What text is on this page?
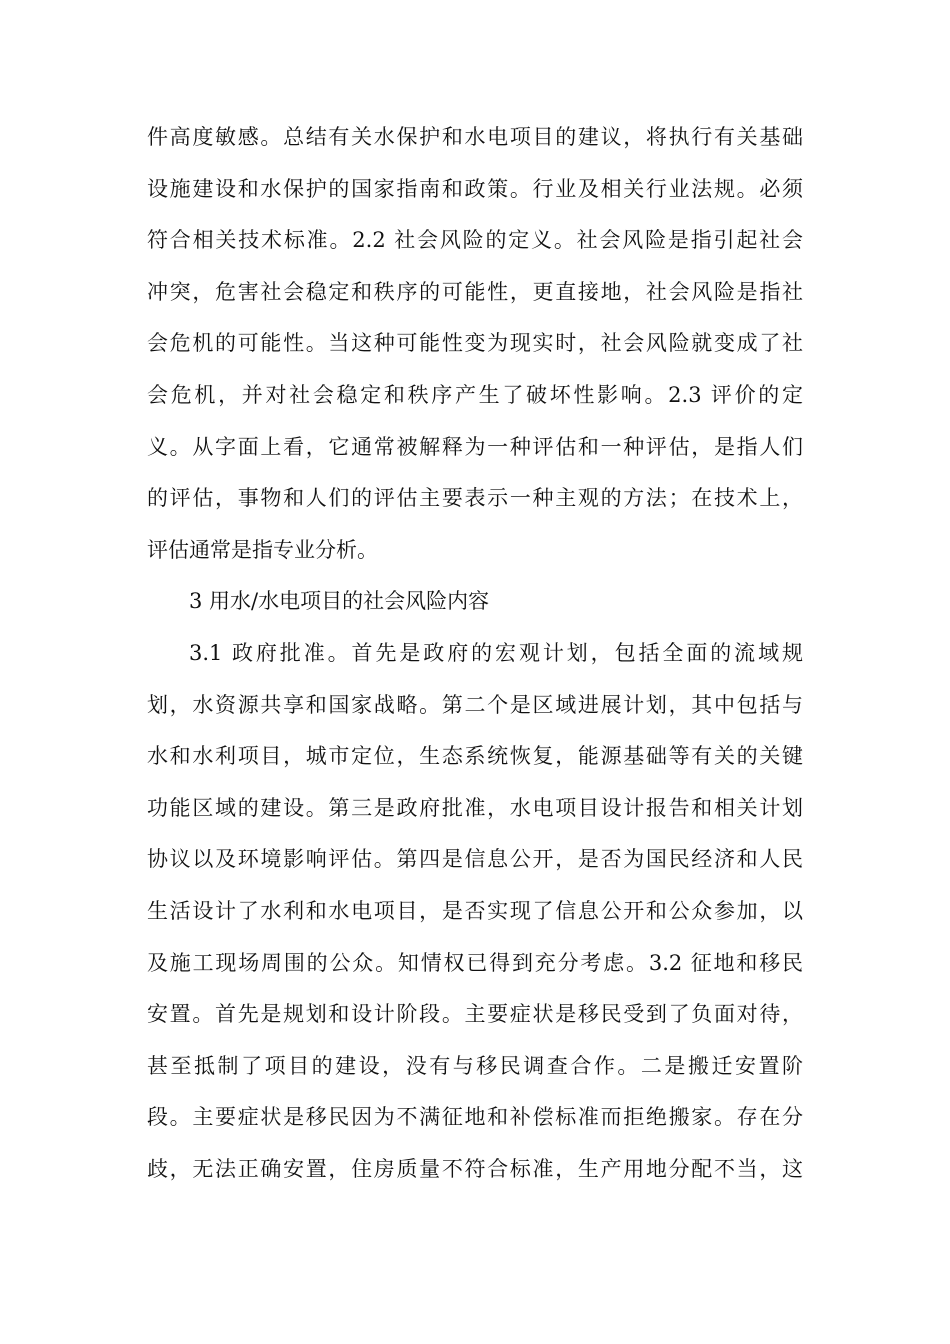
件高度敏感。总结有关水保护和水电项目的建议，将执行有关基础
设施建设和水保护的国家指南和政策。行业及相关行业法规。必须
符合相关技术标准。2.2 社会风险的定义。社会风险是指引起社会
冲突，危害社会稳定和秩序的可能性，更直接地，社会风险是指社
会危机的可能性。当这种可能性变为现实时，社会风险就变成了社
会危机，并对社会稳定和秩序产生了破坏性影响。2.3 评价的定
义。从字面上看，它通常被解释为一种评估和一种评估，是指人们
的评估，事物和人们的评估主要表示一种主观的方法；在技术上，
评估通常是指专业分析。
3 用水/水电项目的社会风险内容
3.1 政府批准。首先是政府的宏观计划，包括全面的流域规
划，水资源共享和国家战略。第二个是区域进展计划，其中包括与
水和水利项目，城市定位，生态系统恢复，能源基础等有关的关键
功能区域的建设。第三是政府批准，水电项目设计报告和相关计划
协议以及环境影响评估。第四是信息公开，是否为国民经济和人民
生活设计了水利和水电项目，是否实现了信息公开和公众参加，以
及施工现场周围的公众。知情权已得到充分考虑。3.2 征地和移民
安置。首先是规划和设计阶段。主要症状是移民受到了负面对待，
甚至抵制了项目的建设，没有与移民调查合作。二是搬迁安置阶
段。主要症状是移民因为不满征地和补偿标准而拒绝搬家。存在分
歧，无法正确安置，住房质量不符合标准，生产用地分配不当，这
